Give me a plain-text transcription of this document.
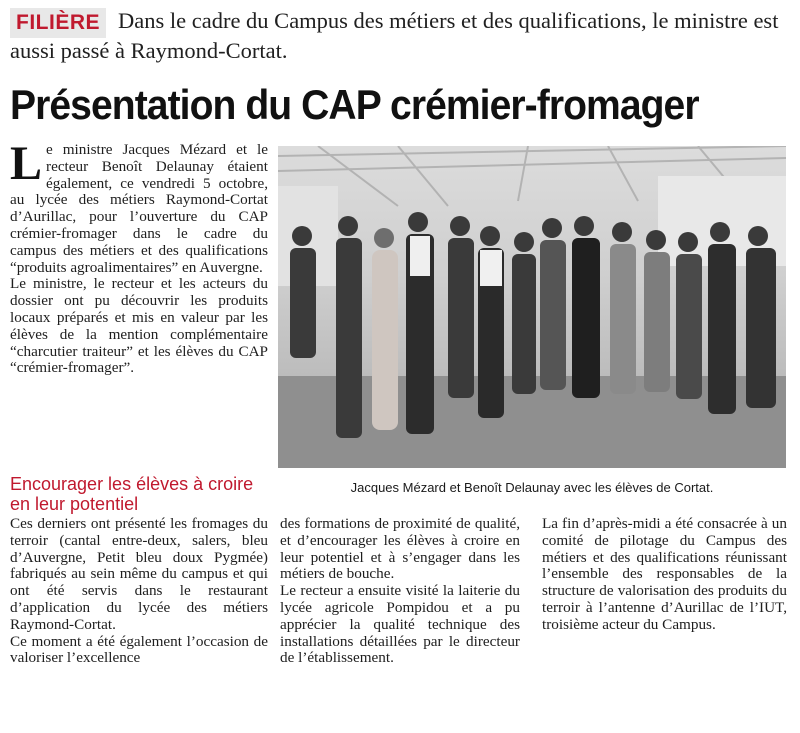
Dans le cadre du Campus des métiers et des qualifications, le ministre est aussi passé à Raymond-Cortat.

FILIÈRE
Présentation du CAP crémier-fromager

Le ministre Jacques Mézard et le recteur Benoît Delaunay étaient également, ce vendredi 5 octobre, au lycée des métiers Raymond-Cortat d’Aurillac, pour l’ouverture du CAP crémier-fromager dans le cadre du campus des métiers et des qualifications “produits agroalimentaires” en Auvergne.

Le ministre, le recteur et les acteurs du dossier ont pu découvrir les produits locaux préparés et mis en valeur par les élèves de la mention complémentaire “charcutier traiteur” et les élèves du CAP “crémier-fromager”.

Encourager les élèves à croire en leur potentiel

Ces derniers ont présenté les fromages du terroir (cantal entre-deux, salers, bleu d’Auvergne, Petit bleu doux Pygmée) fabriqués au sein même du campus et qui ont été servis dans le restaurant d’application du lycée des métiers Raymond-Cortat.

Ce moment a été également l’occasion de valoriser l’excellence

des formations de proximité de qualité, et d’encourager les élèves à croire en leur potentiel et à s’engager dans les métiers de bouche.

Le recteur a ensuite visité la laiterie du lycée agricole Pompidou et a pu apprécier la qualité technique des installations détaillées par le directeur de l’établissement.

La fin d’après-midi a été consacrée à un comité de pilotage du Campus des métiers et des qualifications réunissant l’ensemble des responsables de la structure de valorisation des produits du terroir à l’antenne d’Aurillac de l’IUT, troisième acteur du Campus.

Jacques Mézard et Benoît Delaunay avec les élèves de Cortat.
